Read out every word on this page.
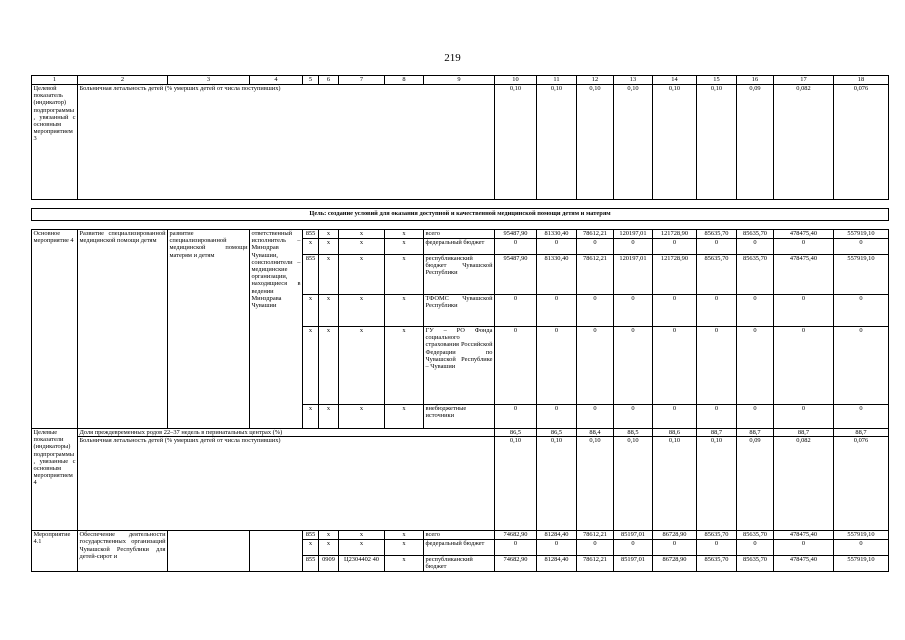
219
1	2	3	4	5	6	7	8	9	10	11	12	13	14	15	16	17	18
Целевой показатель (индикатор) подпрограммы, увязанный с основным мероприятием 3	Больничная летальность детей (% умерших детей от числа поступивших)								0,10	0,10	0,10	0,10	0,10	0,10	0,09	0,082	0,076

Цель: создание условий для оказания доступной и качественной медицинской помощи детям и матерям																	

Основное мероприятие 4	Развитие специализированной медицинской помощи детям	развитие специализированной медицинской помощи матерям и детям	ответственный исполнитель – Минздрав Чувашии, соисполнители – медицинские организации, находящиеся в ведении Минздрава Чувашии	855	x	x	x	всего	95487,90	81330,40	78612,21	120197,01	121728,90	85635,70	85635,70	478475,40	557919,10
				x	x	x	x	федеральный бюджет	0	0	0	0	0	0	0	0	0
				855	x	x	x	республиканский бюджет Чувашской Республики	95487,90	81330,40	78612,21	120197,01	121728,90	85635,70	85635,70	478475,40	557919,10
				x	x	x	x	ТФОМС Чувашской Республики	0	0	0	0	0	0	0	0	0
				x	x	x	x	ГУ – РО Фонда социального страхования Российской Федерации по Чувашской Республике – Чувашии	0	0	0	0	0	0	0	0	0
				x	x	x	x	внебюджетные источники	0	0	0	0	0	0	0	0	0
Целевые показатели (индикаторы) подпрограммы, увязанные с основным мероприятием 4	Доля преждевременных родов 22–37 недель в перинатальных центрах (%)								86,5	86,5	88,4	88,5	88,6	88,7	88,7	88,7	88,7
	Больничная летальность детей (% умерших детей от числа поступивших)								0,10	0,10	0,10	0,10	0,10	0,10	0,09	0,082	0,076
Мероприятие 4.1	Обеспечение деятельности государственных организаций Чувашской Республики для детей-сирот и			855	x	x	x	всего	74682,90	81284,40	78612,21	85197,01	86728,90	85635,70	85635,70	478475,40	557919,10
				x	x	x	x	федеральный бюджет	0	0	0	0	0	0	0	0	0
				855	0909	Ц2304402 40	x	республиканский бюджет	74682,90	81284,40	78612,21	85197,01	86728,90	85635,70	85635,70	478475,40	557919,10
